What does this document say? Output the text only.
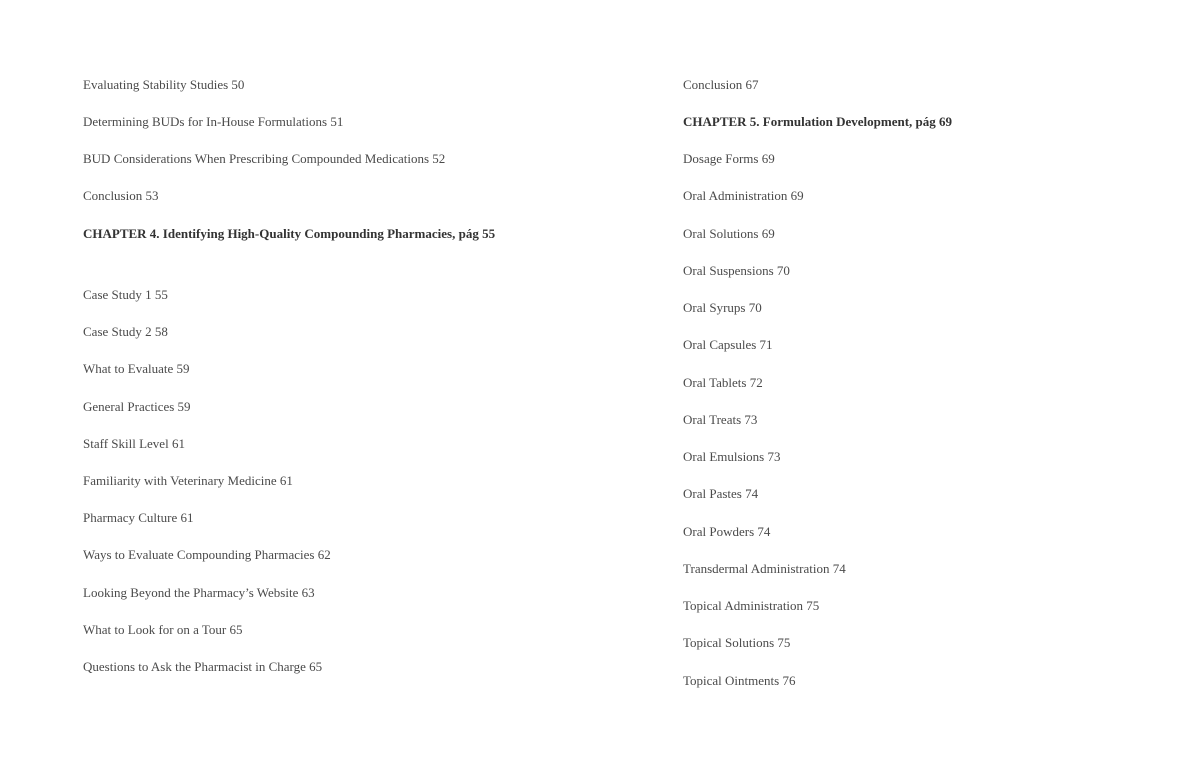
Evaluating Stability Studies 50
Determining BUDs for In-House Formulations 51
BUD Considerations When Prescribing Compounded Medications 52
Conclusion 53
CHAPTER 4. Identifying High-Quality Compounding Pharmacies, pág 55
Case Study 1 55
Case Study 2 58
What to Evaluate 59
General Practices 59
Staff Skill Level 61
Familiarity with Veterinary Medicine 61
Pharmacy Culture 61
Ways to Evaluate Compounding Pharmacies 62
Looking Beyond the Pharmacy’s Website 63
What to Look for on a Tour 65
Questions to Ask the Pharmacist in Charge 65
Conclusion 67
CHAPTER 5. Formulation Development, pág 69
Dosage Forms 69
Oral Administration 69
Oral Solutions 69
Oral Suspensions 70
Oral Syrups 70
Oral Capsules 71
Oral Tablets 72
Oral Treats 73
Oral Emulsions 73
Oral Pastes 74
Oral Powders 74
Transdermal Administration 74
Topical Administration 75
Topical Solutions 75
Topical Ointments 76
